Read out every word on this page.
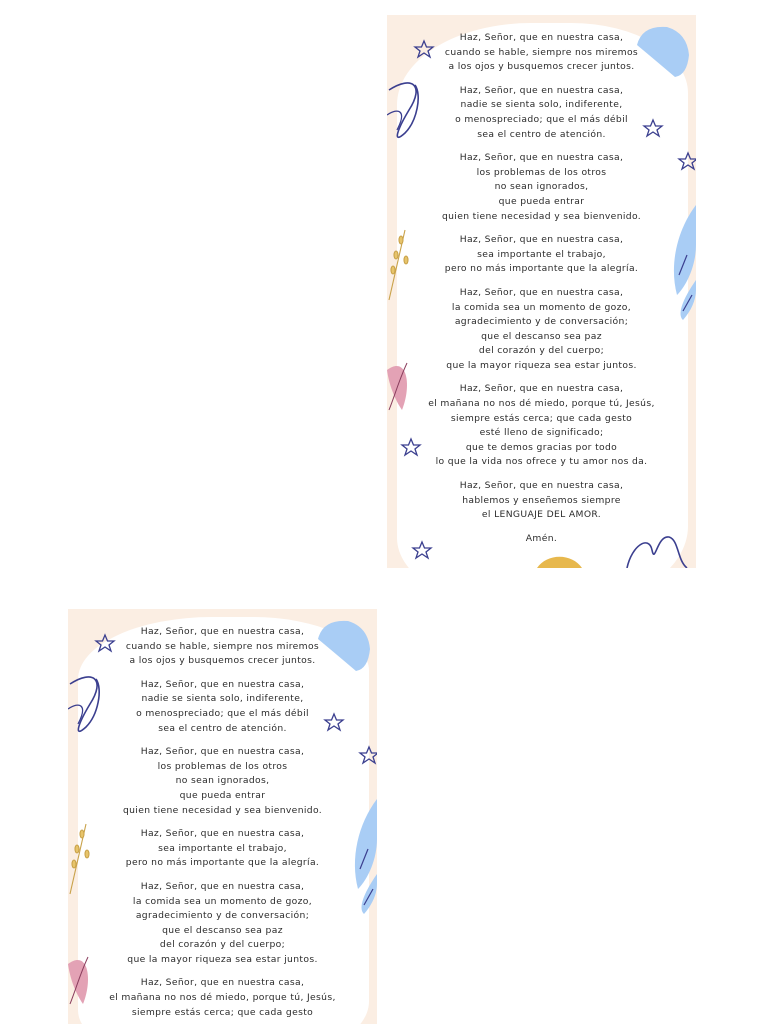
Haz, Señor, que en nuestra casa,
cuando se hable, siempre nos miremos
a los ojos y busquemos crecer juntos.
Haz, Señor, que en nuestra casa,
nadie se sienta solo, indiferente,
o menospreciado; que el más débil
sea el centro de atención.
Haz, Señor, que en nuestra casa,
los problemas de los otros
no sean ignorados,
que pueda entrar
quien tiene necesidad y sea bienvenido.
Haz, Señor, que en nuestra casa,
sea importante el trabajo,
pero no más importante que la alegría.
Haz, Señor, que en nuestra casa,
la comida sea un momento de gozo,
agradecimiento y de conversación;
que el descanso sea paz
del corazón y del cuerpo;
que la mayor riqueza sea estar juntos.
Haz, Señor, que en nuestra casa,
el mañana no nos dé miedo, porque tú, Jesús,
siempre estás cerca; que cada gesto
esté lleno de significado;
que te demos gracias por todo
lo que la vida nos ofrece y tu amor nos da.
Haz, Señor, que en nuestra casa,
hablemos y enseñemos siempre
el LENGUAJE DEL AMOR.
Amén.
Haz, Señor, que en nuestra casa,
cuando se hable, siempre nos miremos
a los ojos y busquemos crecer juntos.
Haz, Señor, que en nuestra casa,
nadie se sienta solo, indiferente,
o menospreciado; que el más débil
sea el centro de atención.
Haz, Señor, que en nuestra casa,
los problemas de los otros
no sean ignorados,
que pueda entrar
quien tiene necesidad y sea bienvenido.
Haz, Señor, que en nuestra casa,
sea importante el trabajo,
pero no más importante que la alegría.
Haz, Señor, que en nuestra casa,
la comida sea un momento de gozo,
agradecimiento y de conversación;
que el descanso sea paz
del corazón y del cuerpo;
que la mayor riqueza sea estar juntos.
Haz, Señor, que en nuestra casa,
el mañana no nos dé miedo, porque tú, Jesús,
siempre estás cerca; que cada gesto
